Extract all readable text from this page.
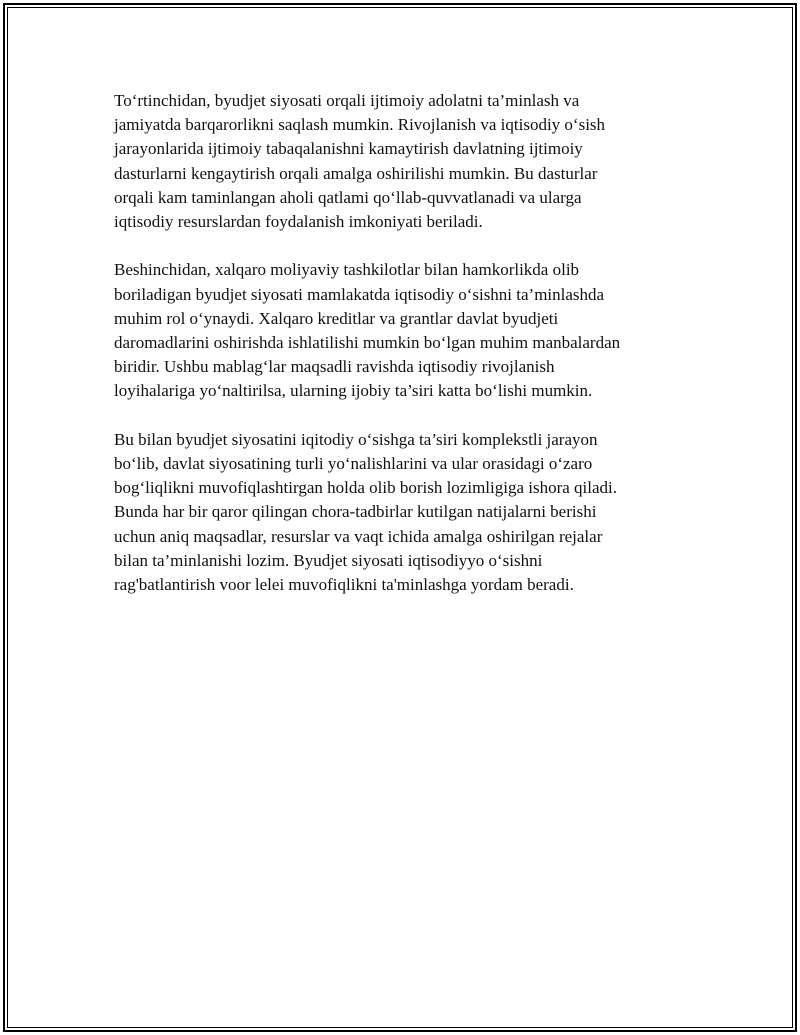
To‘rtinchidan, byudjet siyosati orqali ijtimoiy adolatni ta’minlash va
jamiyatda barqarorlikni saqlash mumkin. Rivojlanish va iqtisodiy o‘sish
jarayonlarida ijtimoiy tabaqalanishni kamaytirish davlatning ijtimoiy
dasturlarni kengaytirish orqali amalga oshirilishi mumkin. Bu dasturlar
orqali kam taminlangan aholi qatlami qo‘llab-quvvatlanadi va ularga
iqtisodiy resurslardan foydalanish imkoniyati beriladi.

Beshinchidan, xalqaro moliyaviy tashkilotlar bilan hamkorlikda olib
boriladigan byudjet siyosati mamlakatda iqtisodiy o‘sishni ta’minlashda
muhim rol o‘ynaydi. Xalqaro kreditlar va grantlar davlat byudjeti
daromadlarini oshirishda ishlatilishi mumkin bo‘lgan muhim manbalardan
biridir. Ushbu mablag‘lar maqsadli ravishda iqtisodiy rivojlanish
loyihalariga yo‘naltirilsa, ularning ijobiy ta’siri katta bo‘lishi mumkin.

Bu bilan byudjet siyosatini iqitodiy o‘sishga ta’siri komplekstli jarayon
bo‘lib, davlat siyosatining turli yo‘nalishlarini va ular orasidagi o‘zaro
bog‘liqlikni muvofiqlashtirgan holda olib borish lozimligiga ishora qiladi.
Bunda har bir qaror qilingan chora-tadbirlar kutilgan natijalarni berishi
uchun aniq maqsadlar, resurslar va vaqt ichida amalga oshirilgan rejalar
bilan ta’minlanishi lozim. Byudjet siyosati iqtisodiyyo o‘sishni
rag'batlantirish voor lelei muvofiqlikni ta'minlashga yordam beradi.
